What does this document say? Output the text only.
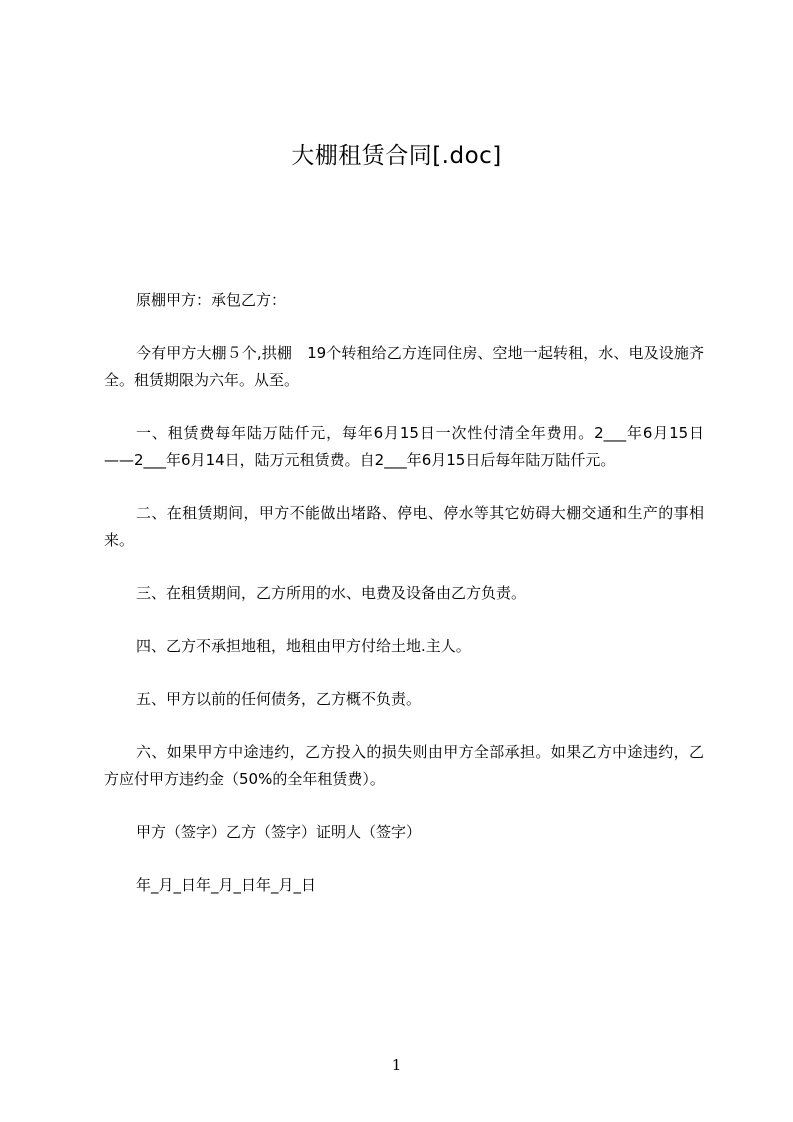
大棚租赁合同[.doc]

原棚甲方：承包乙方：

今有甲方大棚５个,拱棚　19个转租给乙方连同住房、空地一起转租，水、电及设施齐全。租赁期限为六年。从至。

一、租赁费每年陆万陆仟元，每年6月15日一次性付清全年费用。2___年6月15日——2___年6月14日，陆万元租赁费。自2___年6月15日后每年陆万陆仟元。

二、在租赁期间，甲方不能做出堵路、停电、停水等其它妨碍大棚交通和生产的事相来。

三、在租赁期间，乙方所用的水、电费及设备由乙方负责。

四、乙方不承担地租，地租由甲方付给土地.主人。

五、甲方以前的任何债务，乙方概不负责。

六、如果甲方中途违约，乙方投入的损失则由甲方全部承担。如果乙方中途违约，乙方应付甲方违约金（50%的全年租赁费）。

甲方（签字）乙方（签字）证明人（签字）

年_月_日年_月_日年_月_日

1
